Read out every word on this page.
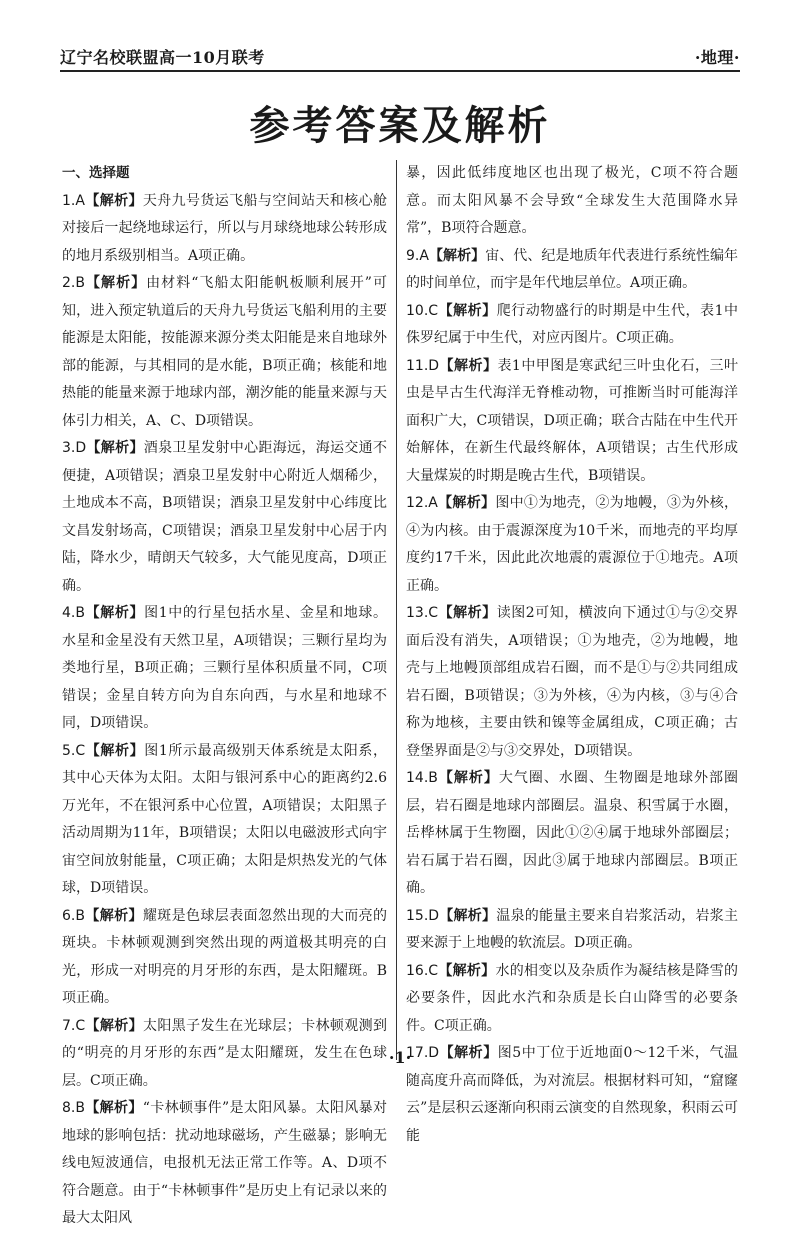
辽宁名校联盟高一10月联考	·地理·
参考答案及解析
一、选择题

1.A【解析】天舟九号货运飞船与空间站天和核心舱对接后一起绕地球运行，所以与月球绕地球公转形成的地月系级别相当。A项正确。

2.B【解析】由材料“飞船太阳能帆板顺利展开”可知，进入预定轨道后的天舟九号货运飞船利用的主要能源是太阳能，按能源来源分类太阳能是来自地球外部的能源，与其相同的是水能，B项正确；核能和地热能的能量来源于地球内部，潮汐能的能量来源与天体引力相关，A、C、D项错误。

3.D【解析】酒泉卫星发射中心距海远，海运交通不便捷，A项错误；酒泉卫星发射中心附近人烟稀少，土地成本不高，B项错误；酒泉卫星发射中心纬度比文昌发射场高，C项错误；酒泉卫星发射中心居于内陆，降水少，晴朗天气较多，大气能见度高，D项正确。

4.B【解析】图1中的行星包括水星、金星和地球。水星和金星没有天然卫星，A项错误；三颗行星均为类地行星，B项正确；三颗行星体积质量不同，C项错误；金星自转方向为自东向西，与水星和地球不同，D项错误。

5.C【解析】图1所示最高级别天体系统是太阳系，其中心天体为太阳。太阳与银河系中心的距离约2.6万光年，不在银河系中心位置，A项错误；太阳黑子活动周期为11年，B项错误；太阳以电磁波形式向宇宙空间放射能量，C项正确；太阳是炽热发光的气体球，D项错误。

6.B【解析】耀斑是色球层表面忽然出现的大而亮的斑块。卡林顿观测到突然出现的两道极其明亮的白光，形成一对明亮的月牙形的东西，是太阳耀斑。B项正确。

7.C【解析】太阳黑子发生在光球层；卡林顿观测到的“明亮的月牙形的东西”是太阳耀斑，发生在色球层。C项正确。

8.B【解析】“卡林顿事件”是太阳风暴。太阳风暴对地球的影响包括：扰动地球磁场，产生磁暴；影响无线电短波通信，电报机无法正常工作等。A、D项不符合题意。由于“卡林顿事件”是历史上有记录以来的最大太阳风

暴，因此低纬度地区也出现了极光，C项不符合题意。而太阳风暴不会导致“全球发生大范围降水异常”，B项符合题意。

9.A【解析】宙、代、纪是地质年代表进行系统性编年的时间单位，而宇是年代地层单位。A项正确。

10.C【解析】爬行动物盛行的时期是中生代，表1中侏罗纪属于中生代，对应丙图片。C项正确。

11.D【解析】表1中甲图是寒武纪三叶虫化石，三叶虫是早古生代海洋无脊椎动物，可推断当时可能海洋面积广大，C项错误，D项正确；联合古陆在中生代开始解体，在新生代最终解体，A项错误；古生代形成大量煤炭的时期是晚古生代，B项错误。

12.A【解析】图中①为地壳，②为地幔，③为外核，④为内核。由于震源深度为10千米，而地壳的平均厚度约17千米，因此此次地震的震源位于①地壳。A项正确。

13.C【解析】读图2可知，横波向下通过①与②交界面后没有消失，A项错误；①为地壳，②为地幔，地壳与上地幔顶部组成岩石圈，而不是①与②共同组成岩石圈，B项错误；③为外核，④为内核，③与④合称为地核，主要由铁和镍等金属组成，C项正确；古登堡界面是②与③交界处，D项错误。

14.B【解析】大气圈、水圈、生物圈是地球外部圈层，岩石圈是地球内部圈层。温泉、积雪属于水圈，岳桦林属于生物圈，因此①②④属于地球外部圈层；岩石属于岩石圈，因此③属于地球内部圈层。B项正确。

15.D【解析】温泉的能量主要来自岩浆活动，岩浆主要来源于上地幔的软流层。D项正确。

16.C【解析】水的相变以及杂质作为凝结核是降雪的必要条件，因此水汽和杂质是长白山降雪的必要条件。C项正确。

17.D【解析】图5中丁位于近地面0～12千米，气温随高度升高而降低，为对流层。根据材料可知，“窟窿云”是层积云逐渐向积雨云演变的自然现象，积雨云可能

·1·
